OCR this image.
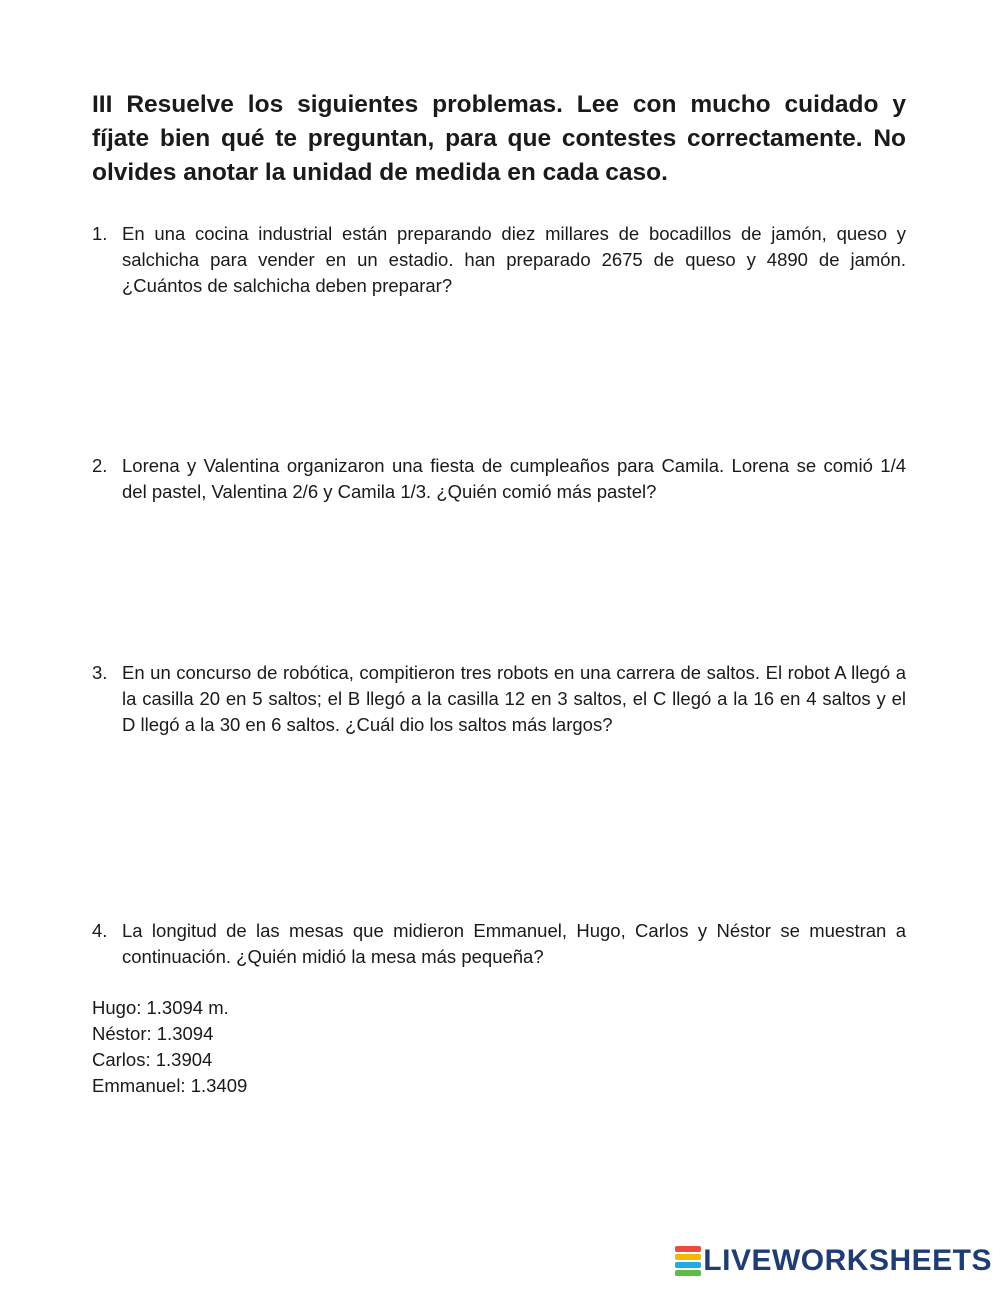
III Resuelve los siguientes problemas. Lee con mucho cuidado y fíjate bien qué te preguntan, para que contestes correctamente. No olvides anotar la unidad de medida en cada caso.
1. En una cocina industrial están preparando diez millares de bocadillos de jamón, queso y salchicha para vender en un estadio. han preparado 2675 de queso y 4890 de jamón. ¿Cuántos de salchicha deben preparar?
2. Lorena y Valentina organizaron una fiesta de cumpleaños para Camila. Lorena se comió 1/4 del pastel, Valentina 2/6 y Camila 1/3. ¿Quién comió más pastel?
3. En un concurso de robótica, compitieron tres robots en una carrera de saltos. El robot A llegó a la casilla 20 en 5 saltos; el B llegó a la casilla 12 en 3 saltos, el C llegó a la 16 en 4 saltos y el D llegó a la 30 en 6 saltos. ¿Cuál dio los saltos más largos?
4. La longitud de las mesas que midieron Emmanuel, Hugo, Carlos y Néstor se muestran a continuación. ¿Quién midió la mesa más pequeña?
Hugo: 1.3094 m.
Néstor: 1.3094
Carlos: 1.3904
Emmanuel: 1.3409
LIVEWORKSHEETS
